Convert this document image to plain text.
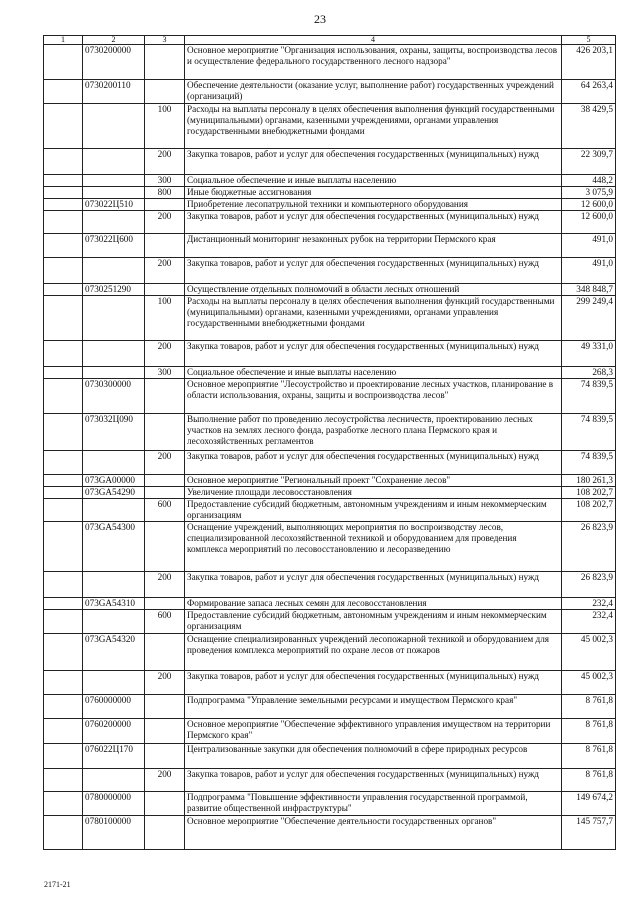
23
1	2	3	4	5
	0730200000		Основное мероприятие "Организация использования, охраны, защиты, воспроизводства лесов и осуществление федерального государственного лесного надзора"	426 203,1
	0730200110		Обеспечение деятельности (оказание услуг, выполнение работ) государственных учреждений (организаций)	64 263,4
		100	Расходы на выплаты персоналу в целях обеспечения выполнения функций государственными (муниципальными) органами, казенными учреждениями, органами управления государственными внебюджетными фондами	38 429,5
		200	Закупка товаров, работ и услуг для обеспечения государственных (муниципальных) нужд	22 309,7
		300	Социальное обеспечение и иные выплаты населению	448,2
		800	Иные бюджетные ассигнования	3 075,9
	073022Ц510		Приобретение лесопатрульной техники и компьютерного оборудования	12 600,0
		200	Закупка товаров, работ и услуг для обеспечения государственных (муниципальных) нужд	12 600,0
	073022Ц600		Дистанционный мониторинг незаконных рубок на территории Пермского края	491,0
		200	Закупка товаров, работ и услуг для обеспечения государственных (муниципальных) нужд	491,0
	0730251290		Осуществление отдельных полномочий в области лесных отношений	348 848,7
		100	Расходы на выплаты персоналу в целях обеспечения выполнения функций государственными (муниципальными) органами, казенными учреждениями, органами управления государственными внебюджетными фондами	299 249,4
		200	Закупка товаров, работ и услуг для обеспечения государственных (муниципальных) нужд	49 331,0
		300	Социальное обеспечение и иные выплаты населению	268,3
	0730300000		Основное мероприятие "Лесоустройство и проектирование лесных участков, планирование в области использования, охраны, защиты и воспроизводства лесов"	74 839,5
	073032Ц090		Выполнение работ по проведению лесоустройства лесничеств, проектированию лесных участков на землях лесного фонда, разработке лесного плана Пермского края и лесохозяйственных регламентов	74 839,5
		200	Закупка товаров, работ и услуг для обеспечения государственных (муниципальных) нужд	74 839,5
	073GA00000		Основное мероприятие "Региональный проект "Сохранение лесов"	180 261,3
	073GA54290		Увеличение площади лесовосстановления	108 202,7
		600	Предоставление субсидий бюджетным, автономным учреждениям и иным некоммерческим организациям	108 202,7
	073GA54300		Оснащение учреждений, выполняющих мероприятия по воспроизводству лесов, специализированной лесохозяйственной техникой и оборудованием для проведения комплекса мероприятий по лесовосстановлению и лесоразведению	26 823,9
		200	Закупка товаров, работ и услуг для обеспечения государственных (муниципальных) нужд	26 823,9
	073GA54310		Формирование запаса лесных семян для лесовосстановления	232,4
		600	Предоставление субсидий бюджетным, автономным учреждениям и иным некоммерческим организациям	232,4
	073GA54320		Оснащение специализированных учреждений лесопожарной техникой и оборудованием для проведения комплекса мероприятий по охране лесов от пожаров	45 002,3
		200	Закупка товаров, работ и услуг для обеспечения государственных (муниципальных) нужд	45 002,3
	0760000000		Подпрограмма "Управление земельными ресурсами и имуществом Пермского края"	8 761,8
	0760200000		Основное мероприятие "Обеспечение эффективного управления имуществом на территории Пермского края"	8 761,8
	076022Ц170		Централизованные закупки для обеспечения полномочий в сфере природных ресурсов	8 761,8
		200	Закупка товаров, работ и услуг для обеспечения государственных (муниципальных) нужд	8 761,8
	0780000000		Подпрограмма "Повышение эффективности управления государственной программой, развитие общественной инфраструктуры"	149 674,2
	0780100000		Основное мероприятие "Обеспечение деятельности государственных органов"	145 757,7
2171-21
